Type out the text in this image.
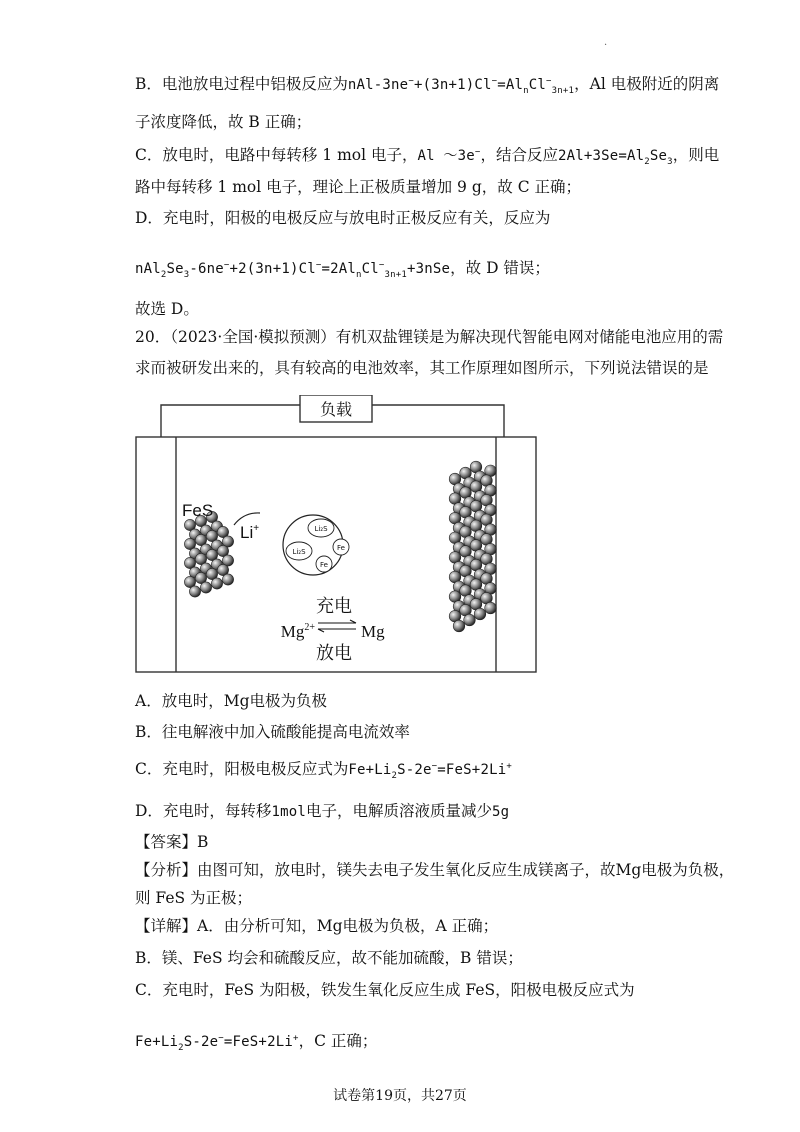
·
B．电池放电过程中铝极反应为nAl-$3ne^-+(3n+1)Cl^-=Al_nCl^-_{3n+1}$，Al 电极附近的阴离
子浓度降低，故 B 正确；
C．放电时，电路中每转移 1 mol 电子，Al ～3e−，结合反应$2Al+3Se=Al_2Se_3$，则电
路中每转移 1 mol 电子，理论上正极质量增加 9 g，故 C 正确；
D．充电时，阳极的电极反应与放电时正极反应有关，反应为
$nAl_2Se_3-6ne^-+2(3n+1)Cl^-=2Al_nCl^-_{3n+1}+3nSe$，故 D 错误；
故选 D。
20．（2023·全国·模拟预测）有机双盐锂镁是为解决现代智能电网对储能电池应用的需
求而被研发出来的，具有较高的电池效率，其工作原理如图所示，下列说法错误的是
负载
FeS
Li+	Li₂S
Li₂S	Fe
Fe
充电
$Mg^{2+}$	Mg
放电
A．放电时，Mg电极为负极
B．往电解液中加入硫酸能提高电流效率
C．充电时，阳极电极反应式为$Fe+Li_2S-2e^-=FeS+2Li^+$
D．充电时，每转移1mol电子，电解质溶液质量减少5g
【答案】B
【分析】由图可知，放电时，镁失去电子发生氧化反应生成镁离子，故Mg电极为负极，
则 FeS 为正极；
【详解】A．由分析可知，Mg电极为负极，A 正确；
B．镁、FeS 均会和硫酸反应，故不能加硫酸，B 错误；
C．充电时，FeS 为阳极，铁发生氧化反应生成 FeS，阳极电极反应式为
$Fe+Li_2S-2e^-=FeS+2Li^+$，C 正确；
试卷第19页，共27页
